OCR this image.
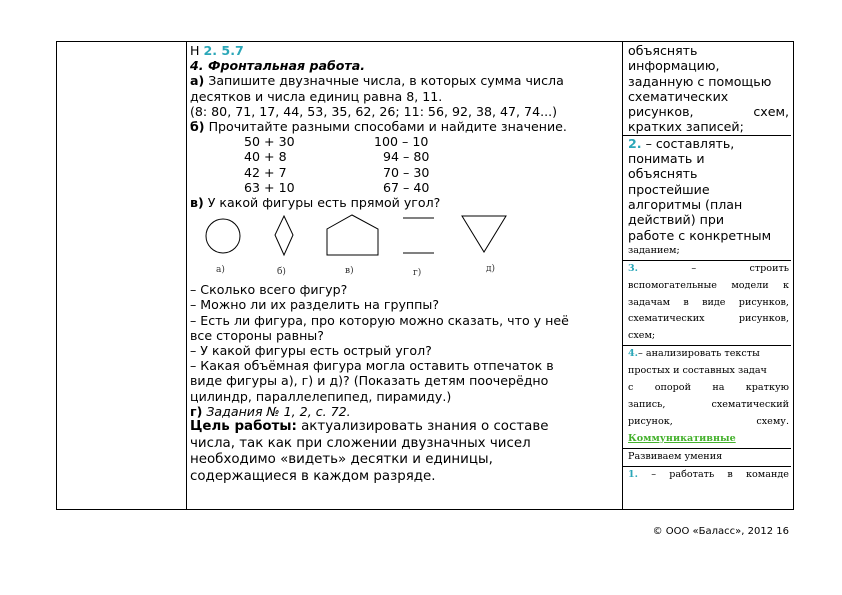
Н 2. 5.7
4. Фронтальная работа.
а) Запишите двузначные числа, в которых сумма числа
десятков и числа единиц равна 8, 11.
(8: 80, 71, 17, 44, 53, 35, 62, 26; 11: 56, 92, 38, 47, 74...)
б) Прочитайте разными способами и найдите значение.
50 + 30	100 – 10
40 + 8	94 – 80
42 + 7	70 – 30
63 + 10	67 – 40
в) У какой фигуры есть прямой угол?
а)	б)	в)	г)	д)
– Сколько всего фигур?
– Можно ли их разделить на группы?
– Есть ли фигура, про которую можно сказать, что у неё
все стороны равны?
– У какой фигуры есть острый угол?
– Какая объёмная фигура могла оставить отпечаток в
виде фигуры а), г) и д)? (Показать детям поочерёдно
цилиндр, параллелепипед, пирамиду.)
г) Задания № 1, 2, с. 72.
Цель работы: актуализировать знания о составе
числа, так как при сложении двузначных чисел
необходимо «видеть» десятки и единицы,
содержащиеся в каждом разряде.
объяснять
информацию,
заданную с помощью
схематических
рисунков,	схем,
кратких записей;
2. – составлять,
понимать и
объяснять
простейшие
алгоритмы (план
действий) при
работе с конкретным
заданием;
3.	–	строить
вспомогательные модели к
задачам в виде рисунков,
схематических	рисунков,
схем;
4. – анализировать тексты
простых и составных задач
с опорой на краткую
запись,	схематический
рисунок,	схему.
Коммуникативные
Развиваем умения
1. – работать в команде
© ООО «Баласс», 2012 16
